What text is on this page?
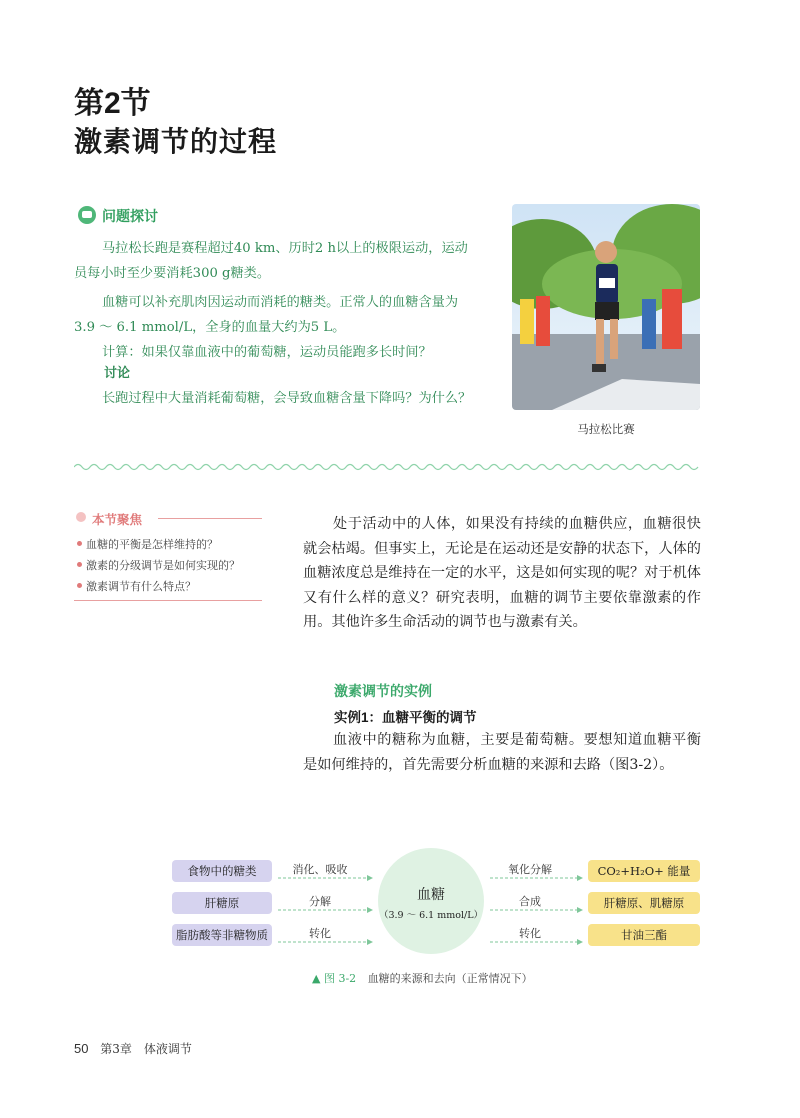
第2节
激素调节的过程
问题探讨
马拉松长跑是赛程超过40 km、历时2 h以上的极限运动，运动员每小时至少要消耗300 g糖类。
血糖可以补充肌肉因运动而消耗的糖类。正常人的血糖含量为3.9 ～ 6.1 mmol/L，全身的血量大约为5 L。
计算：如果仅靠血液中的葡萄糖，运动员能跑多长时间？
讨论
长跑过程中大量消耗葡萄糖，会导致血糖含量下降吗？为什么？
马拉松比赛
本节聚焦
血糖的平衡是怎样维持的？
激素的分级调节是如何实现的？
激素调节有什么特点？
处于活动中的人体，如果没有持续的血糖供应，血糖很快就会枯竭。但事实上，无论是在运动还是安静的状态下，人体的血糖浓度总是维持在一定的水平，这是如何实现的呢？对于机体又有什么样的意义？研究表明，血糖的调节主要依靠激素的作用。其他许多生命活动的调节也与激素有关。
激素调节的实例
实例1：血糖平衡的调节
血液中的糖称为血糖，主要是葡萄糖。要想知道血糖平衡是如何维持的，首先需要分析血糖的来源和去路（图3-2）。
血糖
（3.9 ～ 6.1 mmol/L）
食物中的糖类
肝糖原
脂肪酸等非糖物质
消化、吸收
分解
转化
氧化分解
合成
转化
CO₂+H₂O+ 能量
肝糖原、肌糖原
甘油三酯
▲ 图 3-2 血糖的来源和去向（正常情况下）
50 第3章　体液调节
